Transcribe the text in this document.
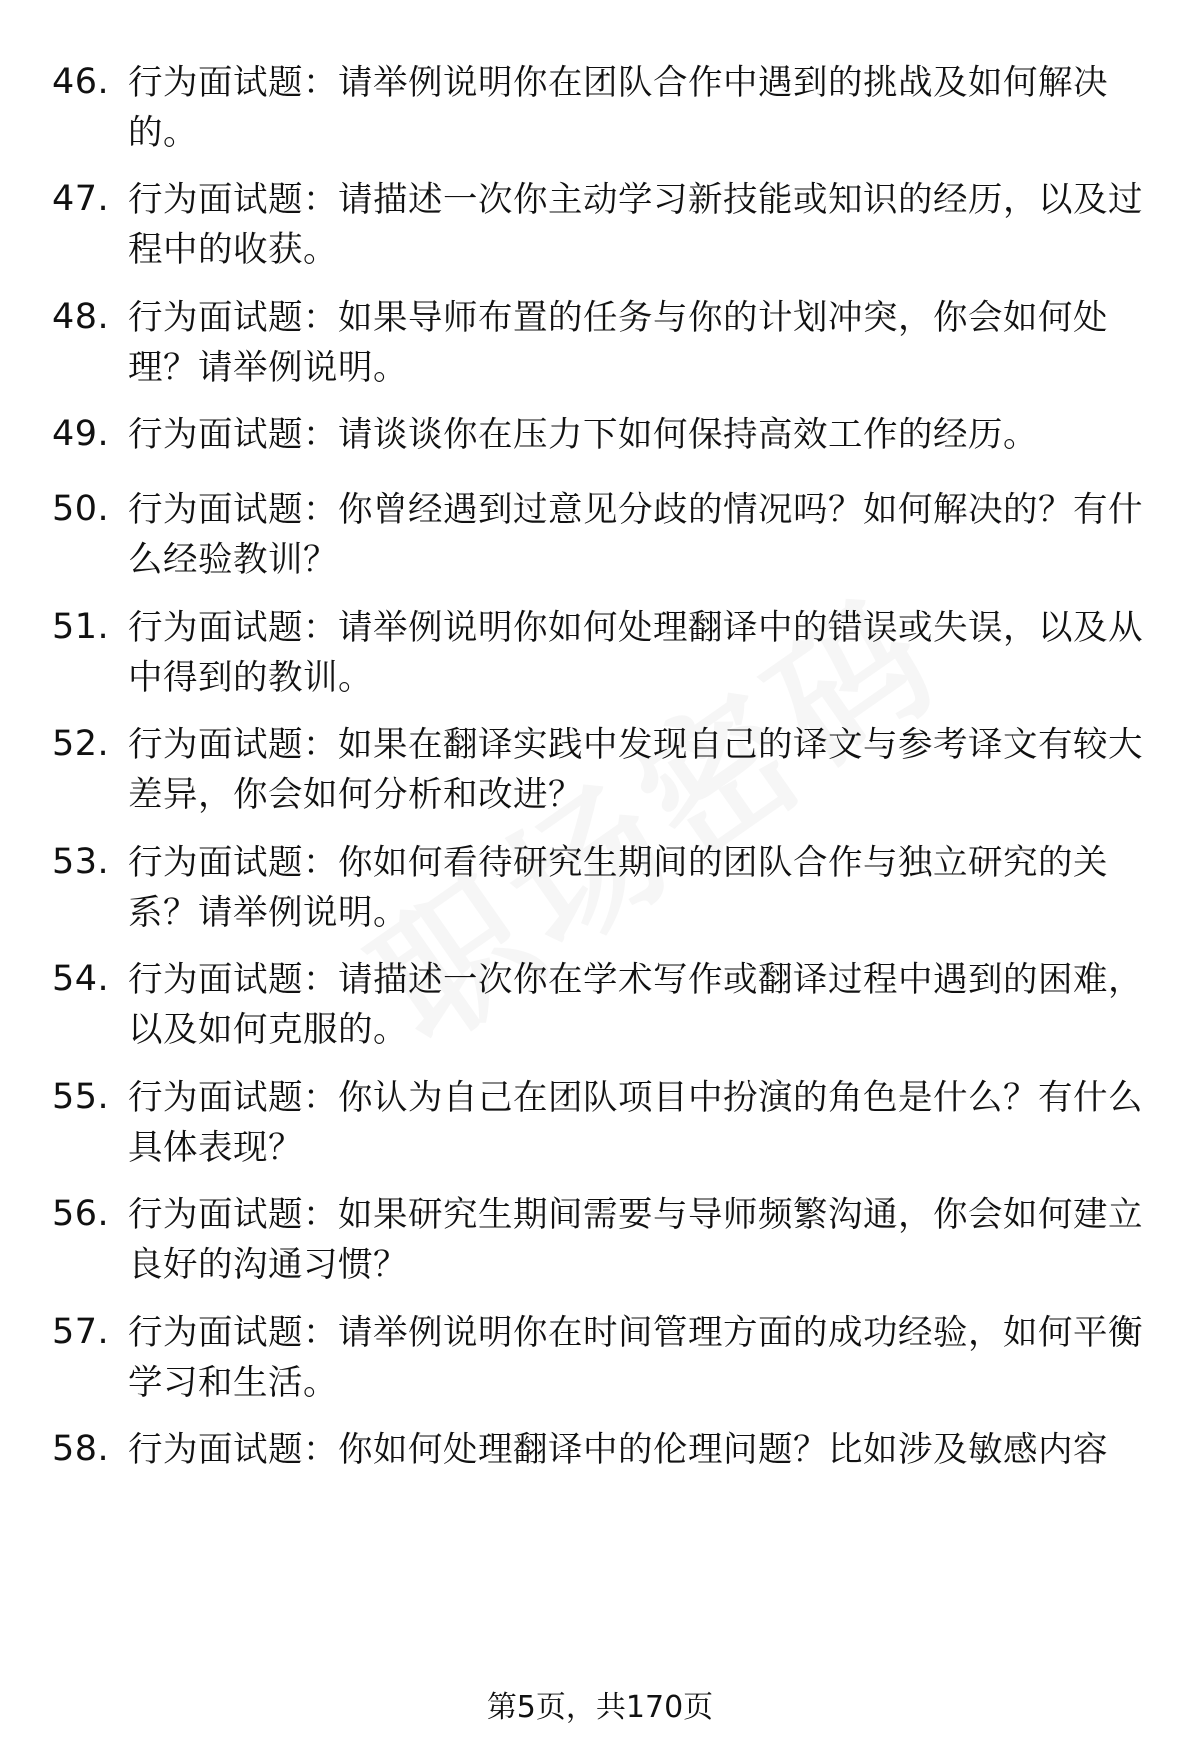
46. 行为面试题：请举例说明你在团队合作中遇到的挑战及如何解决的。
47. 行为面试题：请描述一次你主动学习新技能或知识的经历，以及过程中的收获。
48. 行为面试题：如果导师布置的任务与你的计划冲突，你会如何处理？请举例说明。
49. 行为面试题：请谈谈你在压力下如何保持高效工作的经历。
50. 行为面试题：你曾经遇到过意见分歧的情况吗？如何解决的？有什么经验教训？
51. 行为面试题：请举例说明你如何处理翻译中的错误或失误，以及从中得到的教训。
52. 行为面试题：如果在翻译实践中发现自己的译文与参考译文有较大差异，你会如何分析和改进？
53. 行为面试题：你如何看待研究生期间的团队合作与独立研究的关系？请举例说明。
54. 行为面试题：请描述一次你在学术写作或翻译过程中遇到的困难，以及如何克服的。
55. 行为面试题：你认为自己在团队项目中扮演的角色是什么？有什么具体表现？
56. 行为面试题：如果研究生期间需要与导师频繁沟通，你会如何建立良好的沟通习惯？
57. 行为面试题：请举例说明你在时间管理方面的成功经验，如何平衡学习和生活。
58. 行为面试题：你如何处理翻译中的伦理问题？比如涉及敏感内容
第5页，共170页
